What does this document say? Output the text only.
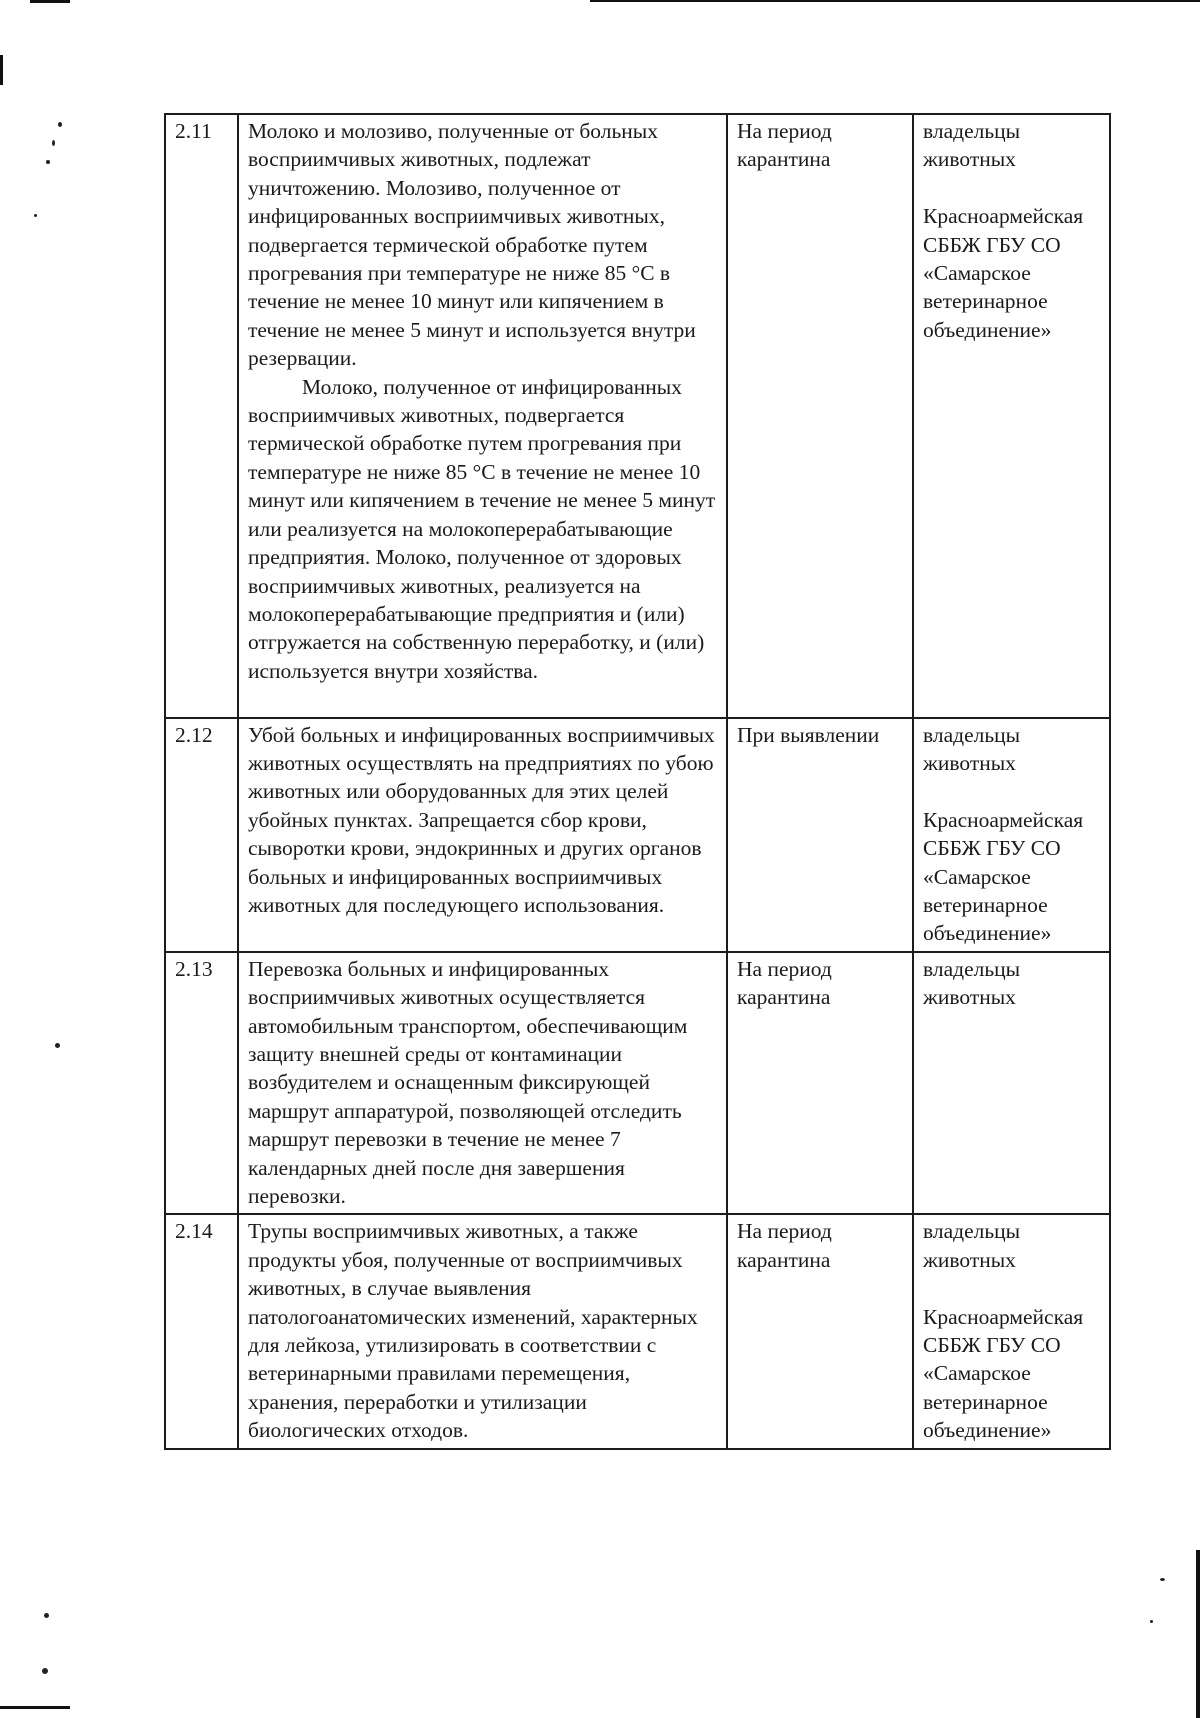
2.11	Молоко и молозиво, полученные от больных восприимчивых животных, подлежат уничтожению. Молозиво, полученное от инфицированных восприимчивых животных, подвергается термической обработке путем прогревания при температуре не ниже 85 °C в течение не менее 10 минут или кипячением в течение не менее 5 минут и используется внутри резервации.
Молоко, полученное от инфицированных восприимчивых животных, подвергается термической обработке путем прогревания при температуре не ниже 85 °C в течение не менее 10 минут или кипячением в течение не менее 5 минут или реализуется на молокоперерабатывающие предприятия. Молоко, полученное от здоровых восприимчивых животных, реализуется на молокоперерабатывающие предприятия и (или) отгружается на собственную переработку, и (или) используется внутри хозяйства.	На период карантина	владельцы животных
Красноармейская СББЖ ГБУ СО «Самарское ветеринарное объединение»

2.12	Убой больных и инфицированных восприимчивых животных осуществлять на предприятиях по убою животных или оборудованных для этих целей убойных пунктах. Запрещается сбор крови, сыворотки крови, эндокринных и других органов больных и инфицированных восприимчивых животных для последующего использования.	При выявлении	владельцы животных
Красноармейская СББЖ ГБУ СО «Самарское ветеринарное объединение»

2.13	Перевозка больных и инфицированных восприимчивых животных осуществляется автомобильным транспортом, обеспечивающим защиту внешней среды от контаминации возбудителем и оснащенным фиксирующей маршрут аппаратурой, позволяющей отследить маршрут перевозки в течение не менее 7 календарных дней после дня завершения перевозки.	На период карантина	владельцы животных

2.14	Трупы восприимчивых животных, а также продукты убоя, полученные от восприимчивых животных, в случае выявления патологоанатомических изменений, характерных для лейкоза, утилизировать в соответствии с ветеринарными правилами перемещения, хранения, переработки и утилизации биологических отходов.	На период карантина	владельцы животных
Красноармейская СББЖ ГБУ СО «Самарское ветеринарное объединение»
